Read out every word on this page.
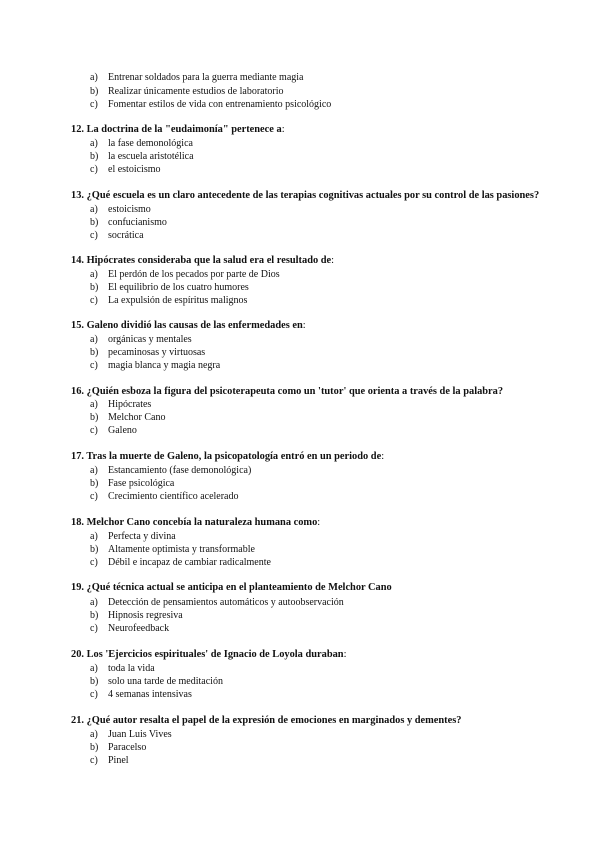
a) Entrenar soldados para la guerra mediante magia
b) Realizar únicamente estudios de laboratorio
c) Fomentar estilos de vida con entrenamiento psicológico
12. La doctrina de la "eudaimonía" pertenece a:
a) la fase demonológica
b) la escuela aristotélica
c) el estoicismo
13. ¿Qué escuela es un claro antecedente de las terapias cognitivas actuales por su control de las pasiones?
a) estoicismo
b) confucianismo
c) socrática
14. Hipócrates consideraba que la salud era el resultado de:
a) El perdón de los pecados por parte de Dios
b) El equilibrio de los cuatro humores
c) La expulsión de espíritus malignos
15. Galeno dividió las causas de las enfermedades en:
a) orgánicas y mentales
b) pecaminosas y virtuosas
c) magia blanca y magia negra
16. ¿Quién esboza la figura del psicoterapeuta como un 'tutor' que orienta a través de la palabra?
a) Hipócrates
b) Melchor Cano
c) Galeno
17. Tras la muerte de Galeno, la psicopatología entró en un periodo de:
a) Estancamiento (fase demonológica)
b) Fase psicológica
c) Crecimiento científico acelerado
18. Melchor Cano concebía la naturaleza humana como:
a) Perfecta y divina
b) Altamente optimista y transformable
c) Débil e incapaz de cambiar radicalmente
19. ¿Qué técnica actual se anticipa en el planteamiento de Melchor Cano
a) Detección de pensamientos automáticos y autoobservación
b) Hipnosis regresiva
c) Neurofeedback
20. Los 'Ejercicios espirituales' de Ignacio de Loyola duraban:
a) toda la vida
b) solo una tarde de meditación
c) 4 semanas intensivas
21. ¿Qué autor resalta el papel de la expresión de emociones en marginados y dementes?
a) Juan Luis Vives
b) Paracelso
c) Pinel
